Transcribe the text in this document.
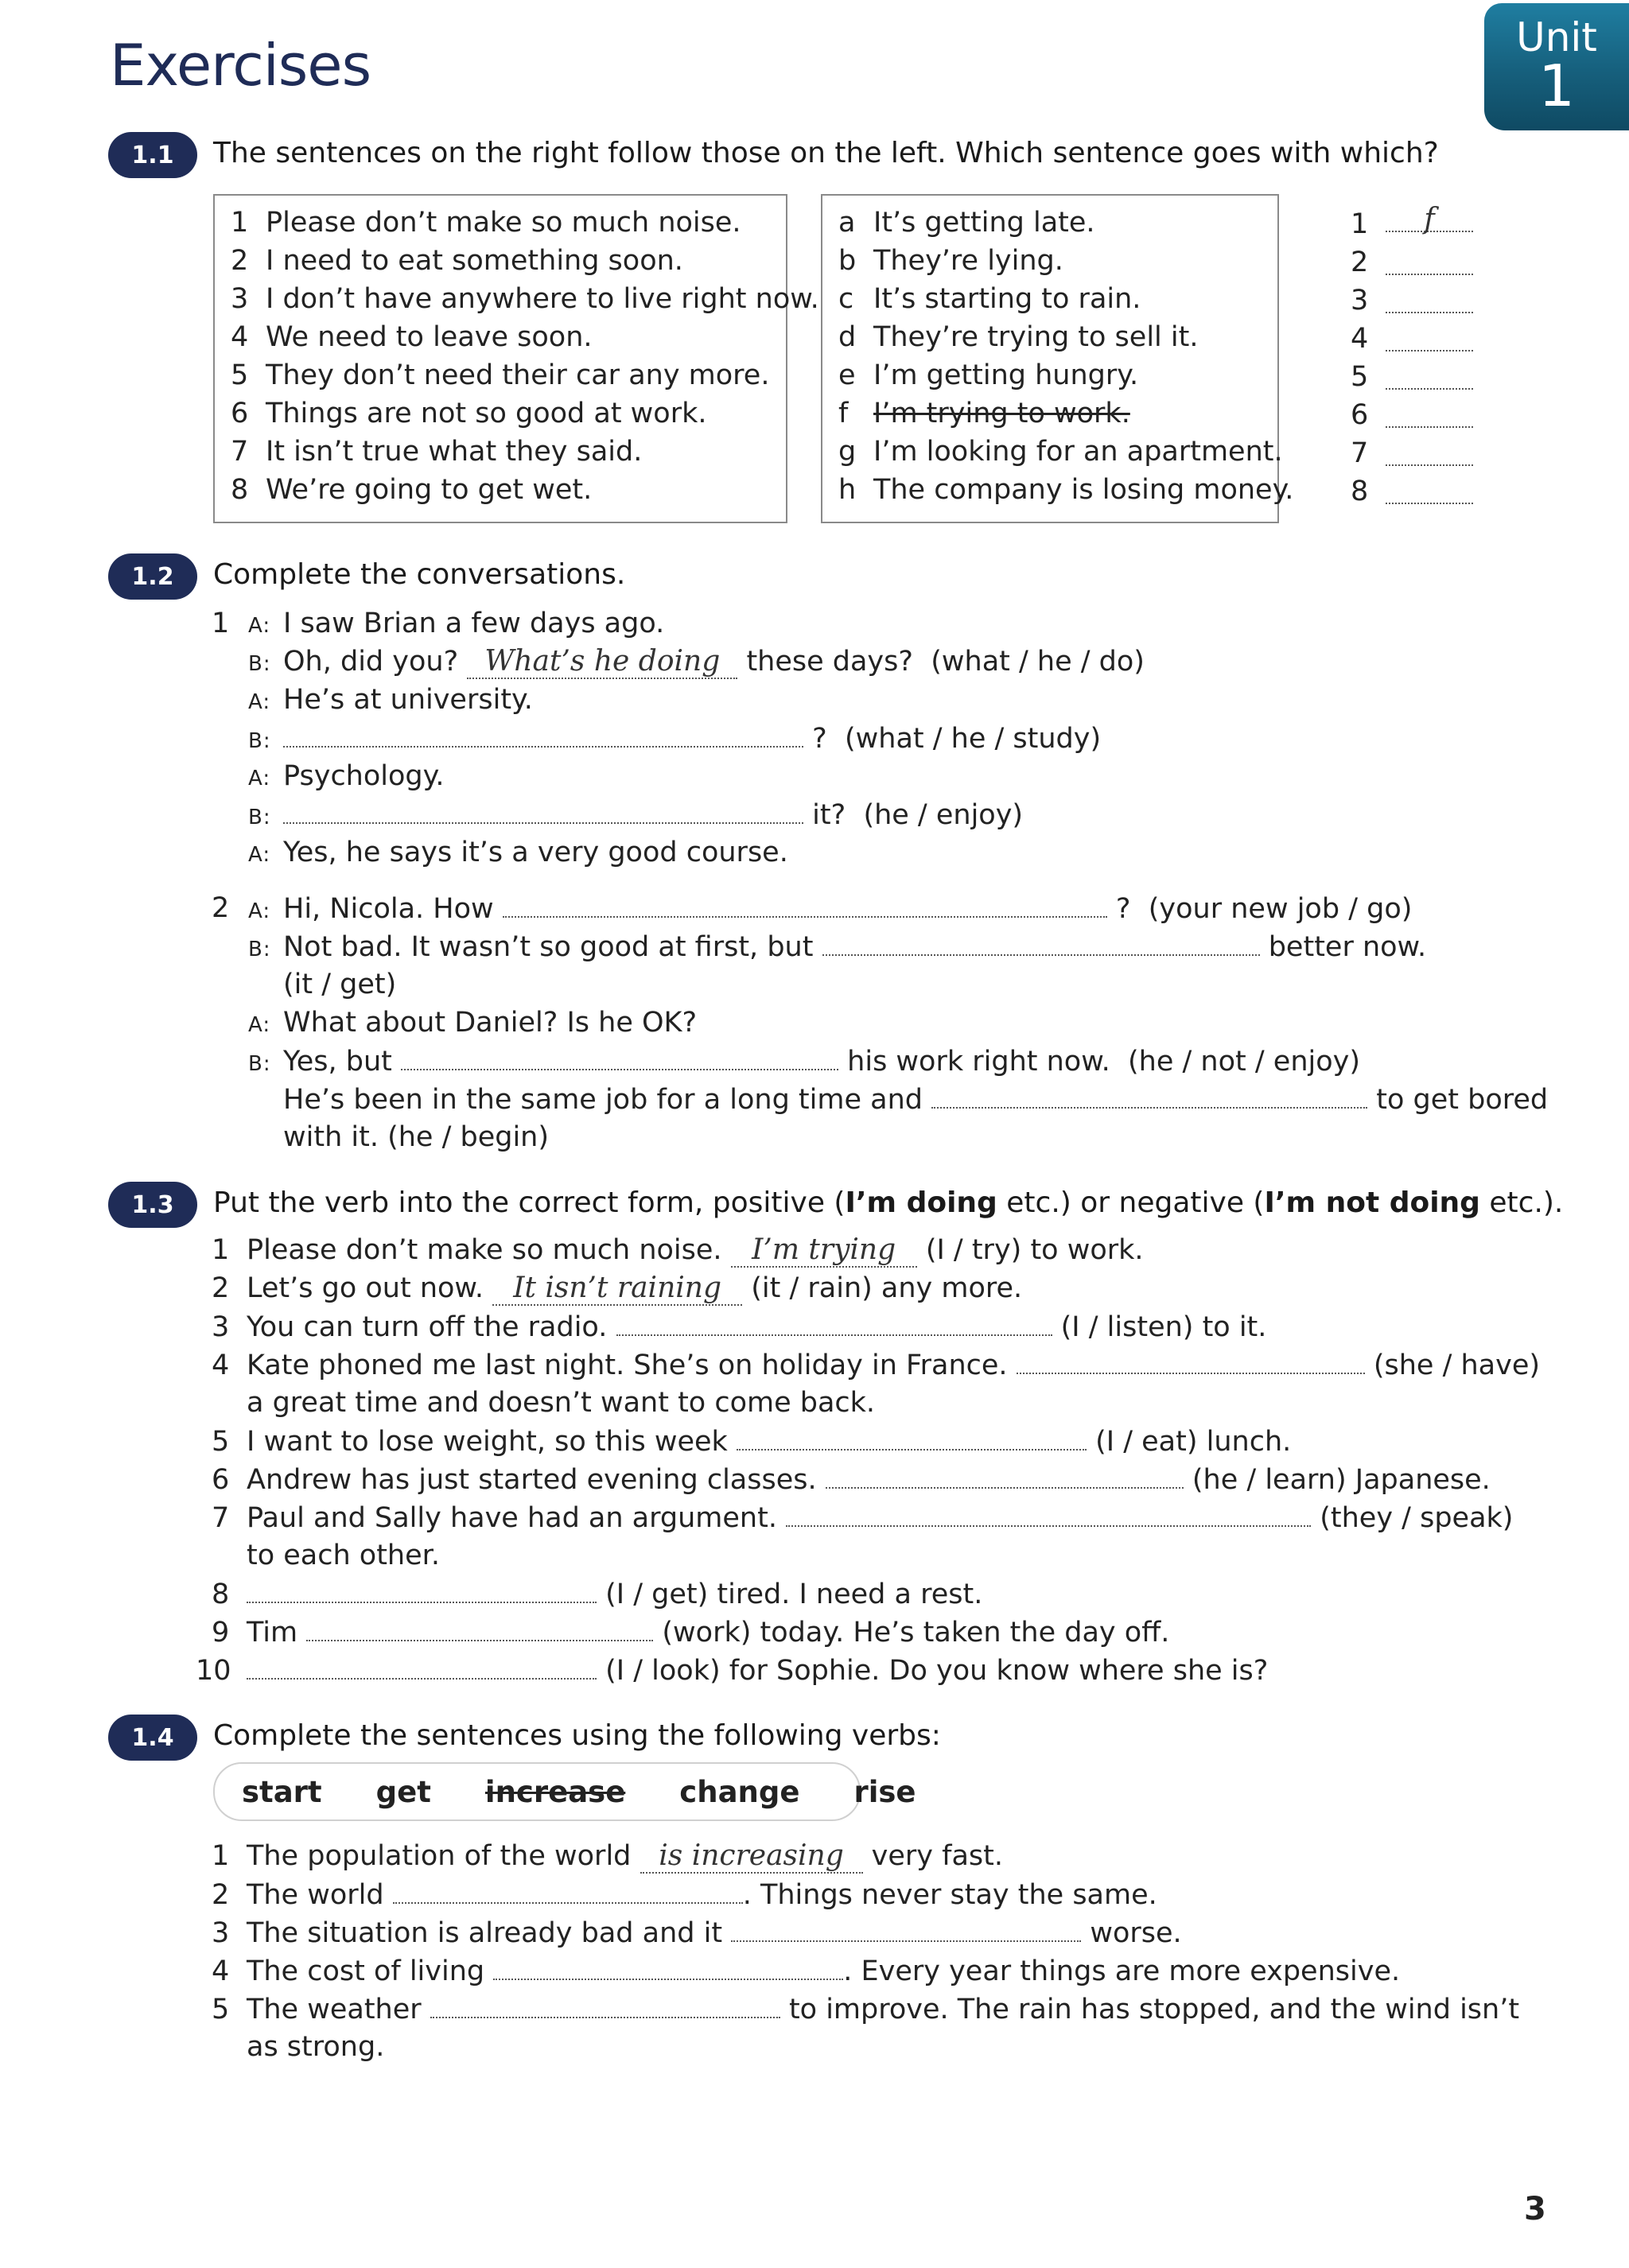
Exercises	Unit
1
1.1	The sentences on the right follow those on the left. Which sentence goes with which?
1 Please don’t make so much noise.
2 I need to eat something soon.
3 I don’t have anywhere to live right now.
4 We need to leave soon.
5 They don’t need their car any more.
6 Things are not so good at work.
7 It isn’t true what they said.
8 We’re going to get wet.
a It’s getting late.
b They’re lying.
c It’s starting to rain.
d They’re trying to sell it.
e I’m getting hungry.
f I’m trying to work.
g I’m looking for an apartment.
h The company is losing money.
1	f
2
3
4
5
6
7
8
1.2	Complete the conversations.
1 A: I saw Brian a few days ago.
B: Oh, did you? What’s he doing these days? (what / he / do)
A: He’s at university.
B:	? (what / he / study)
A: Psychology.
B:	it? (he / enjoy)
A: Yes, he says it’s a very good course.
2 A: Hi, Nicola. How	? (your new job / go)
B: Not bad. It wasn’t so good at first, but	better now.
(it / get)
A: What about Daniel? Is he OK?
B: Yes, but	his work right now. (he / not / enjoy)
He’s been in the same job for a long time and	to get bored
with it. (he / begin)
1.3	Put the verb into the correct form, positive (I’m doing etc.) or negative (I’m not doing etc.).
1 Please don’t make so much noise. I’m trying (I / try) to work.
2 Let’s go out now. It isn’t raining (it / rain) any more.
3 You can turn off the radio.	(I / listen) to it.
4 Kate phoned me last night. She’s on holiday in France.	(she / have)
a great time and doesn’t want to come back.
5 I want to lose weight, so this week	(I / eat) lunch.
6 Andrew has just started evening classes.	(he / learn) Japanese.
7 Paul and Sally have had an argument.	(they / speak)
to each other.
8	(I / get) tired. I need a rest.
9 Tim	(work) today. He’s taken the day off.
10	(I / look) for Sophie. Do you know where she is?
1.4	Complete the sentences using the following verbs:
start get increase change rise
1 The population of the world is increasing very fast.
2 The world	. Things never stay the same.
3 The situation is already bad and it	worse.
4 The cost of living	. Every year things are more expensive.
5 The weather	to improve. The rain has stopped, and the wind isn’t
as strong.
3
